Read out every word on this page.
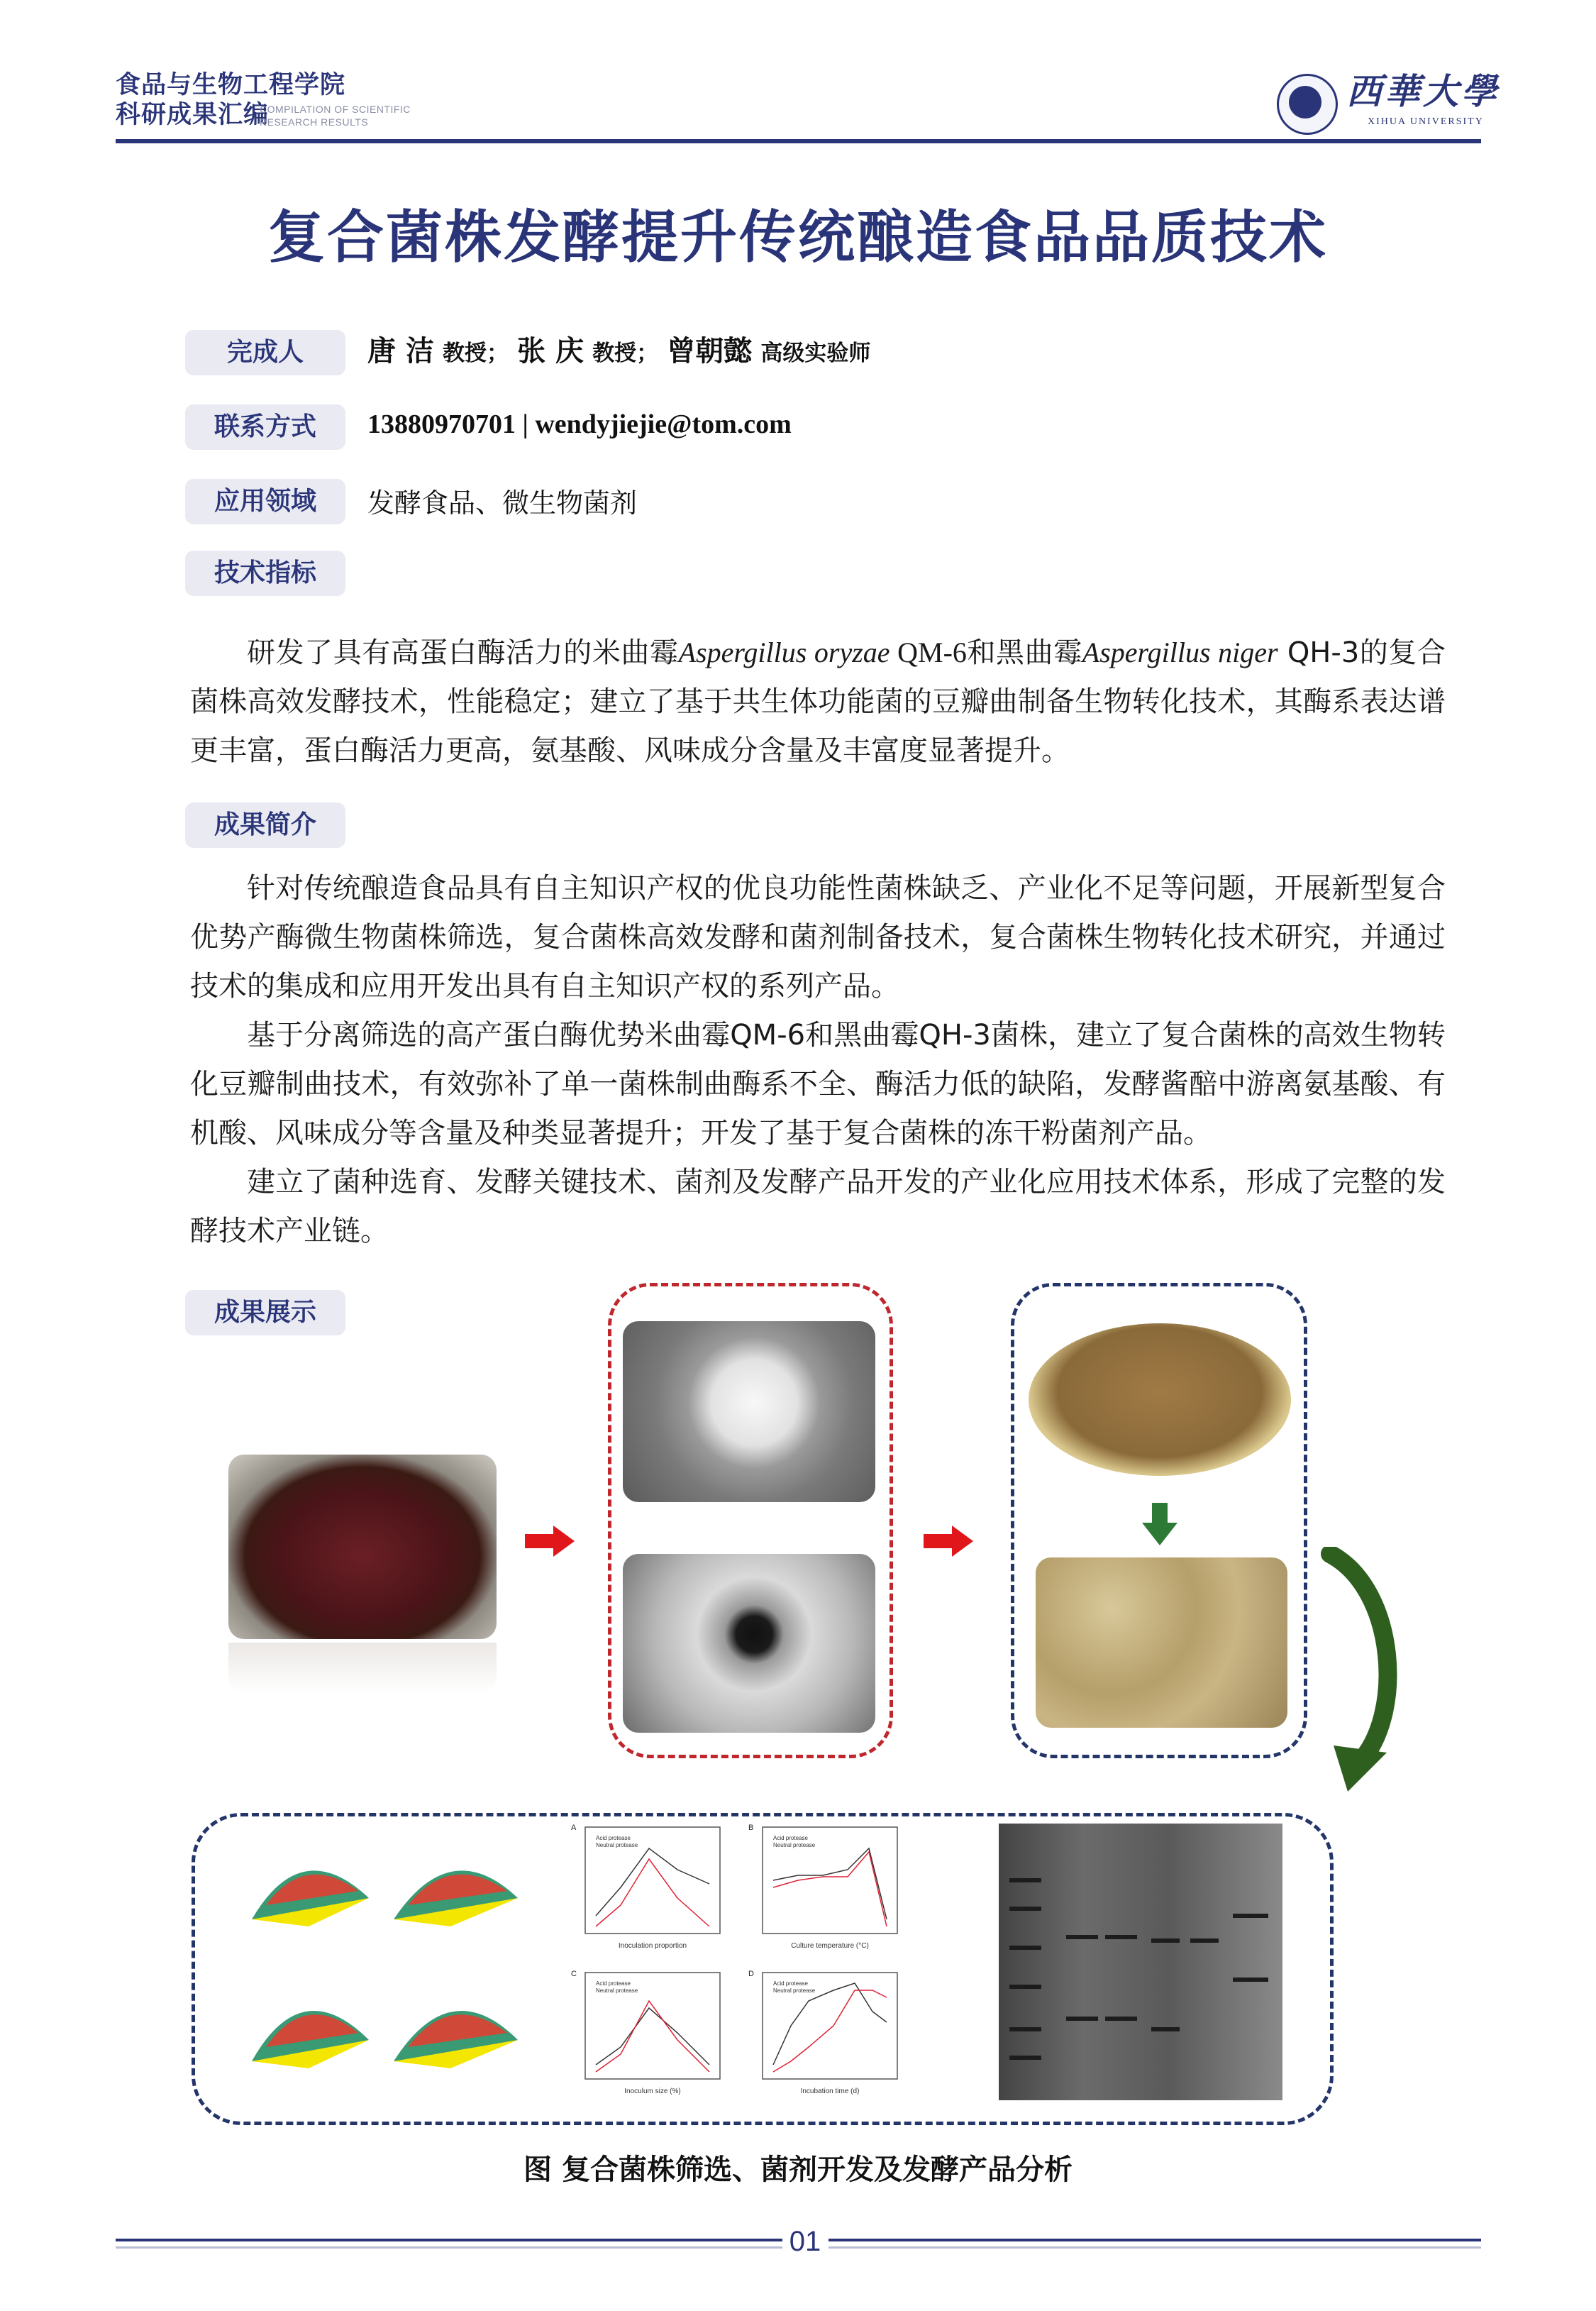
食品与生物工程学院
科研成果汇编
COMPILATION OF SCIENTIFIC
RESEARCH RESULTS
西華大學
XIHUA UNIVERSITY
复合菌株发酵提升传统酿造食品品质技术
完成人	唐 洁 教授； 张 庆 教授； 曾朝懿 高级实验师
联系方式	13880970701 | wendyjiejie@tom.com
应用领域	发酵食品、微生物菌剂
技术指标
研发了具有高蛋白酶活力的米曲霉Aspergillus oryzae QM-6和黑曲霉Aspergillus niger QH-3的复合菌株高效发酵技术，性能稳定；建立了基于共生体功能菌的豆瓣曲制备生物转化技术，其酶系表达谱更丰富，蛋白酶活力更高，氨基酸、风味成分含量及丰富度显著提升。
成果简介
针对传统酿造食品具有自主知识产权的优良功能性菌株缺乏、产业化不足等问题，开展新型复合优势产酶微生物菌株筛选，复合菌株高效发酵和菌剂制备技术，复合菌株生物转化技术研究，并通过技术的集成和应用开发出具有自主知识产权的系列产品。
基于分离筛选的高产蛋白酶优势米曲霉QM-6和黑曲霉QH-3菌株，建立了复合菌株的高效生物转化豆瓣制曲技术，有效弥补了单一菌株制曲酶系不全、酶活力低的缺陷，发酵酱醅中游离氨基酸、有机酸、风味成分等含量及种类显著提升；开发了基于复合菌株的冻干粉菌剂产品。
建立了菌种选育、发酵关键技术、菌剂及发酵产品开发的产业化应用技术体系，形成了完整的发酵技术产业链。
成果展示
A
Inoculation proportion
Acid protease
Neutral protease
B
Culture temperature (°C)
Acid protease
Neutral protease
C
Inoculum size (%)
Acid protease
Neutral protease
D
Incubation time (d)
Acid protease
Neutral protease
图 复合菌株筛选、菌剂开发及发酵产品分析
01
